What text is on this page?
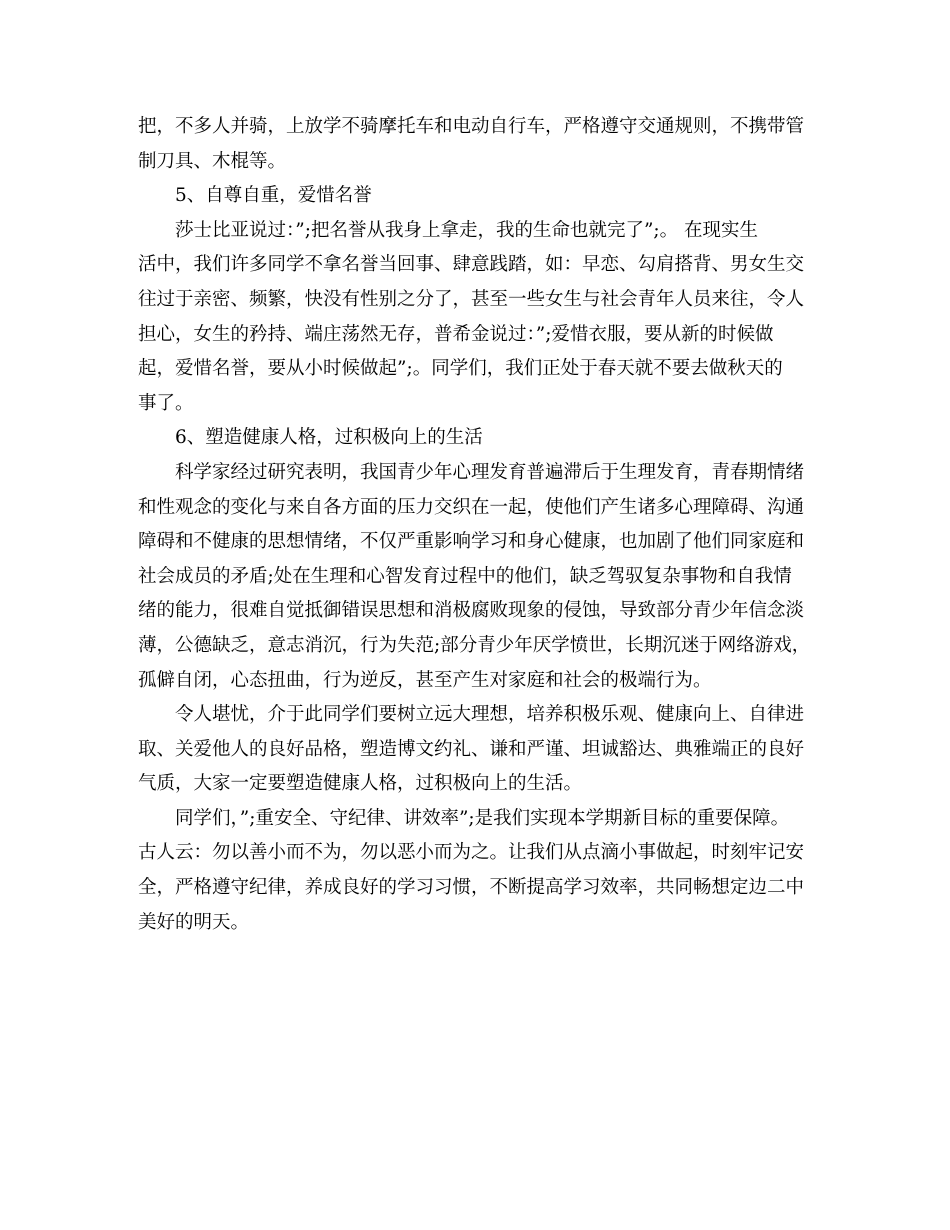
把，不多人并骑，上放学不骑摩托车和电动自行车，严格遵守交通规则，不携带管
制刀具、木棍等。
5、自尊自重，爱惜名誉
莎士比亚说过：”;把名誉从我身上拿走，我的生命也就完了”;。 在现实生
活中，我们许多同学不拿名誉当回事、肆意践踏，如：早恋、勾肩搭背、男女生交
往过于亲密、频繁，快没有性别之分了，甚至一些女生与社会青年人员来往，令人
担心，女生的矜持、端庄荡然无存，普希金说过：”;爱惜衣服，要从新的时候做
起，爱惜名誉，要从小时候做起”;。同学们，我们正处于春天就不要去做秋天的
事了。
6、塑造健康人格，过积极向上的生活
科学家经过研究表明，我国青少年心理发育普遍滞后于生理发育，青春期情绪
和性观念的变化与来自各方面的压力交织在一起，使他们产生诸多心理障碍、沟通
障碍和不健康的思想情绪，不仅严重影响学习和身心健康，也加剧了他们同家庭和
社会成员的矛盾;处在生理和心智发育过程中的他们，缺乏驾驭复杂事物和自我情
绪的能力，很难自觉抵御错误思想和消极腐败现象的侵蚀，导致部分青少年信念淡
薄，公德缺乏，意志消沉，行为失范;部分青少年厌学愤世，长期沉迷于网络游戏，
孤僻自闭，心态扭曲，行为逆反，甚至产生对家庭和社会的极端行为。
令人堪忧，介于此同学们要树立远大理想，培养积极乐观、健康向上、自律进
取、关爱他人的良好品格，塑造博文约礼、谦和严谨、坦诚豁达、典雅端正的良好
气质，大家一定要塑造健康人格，过积极向上的生活。
同学们，”;重安全、守纪律、讲效率”;是我们实现本学期新目标的重要保障。
古人云：勿以善小而不为，勿以恶小而为之。让我们从点滴小事做起，时刻牢记安
全，严格遵守纪律，养成良好的学习习惯，不断提高学习效率，共同畅想定边二中
美好的明天。
